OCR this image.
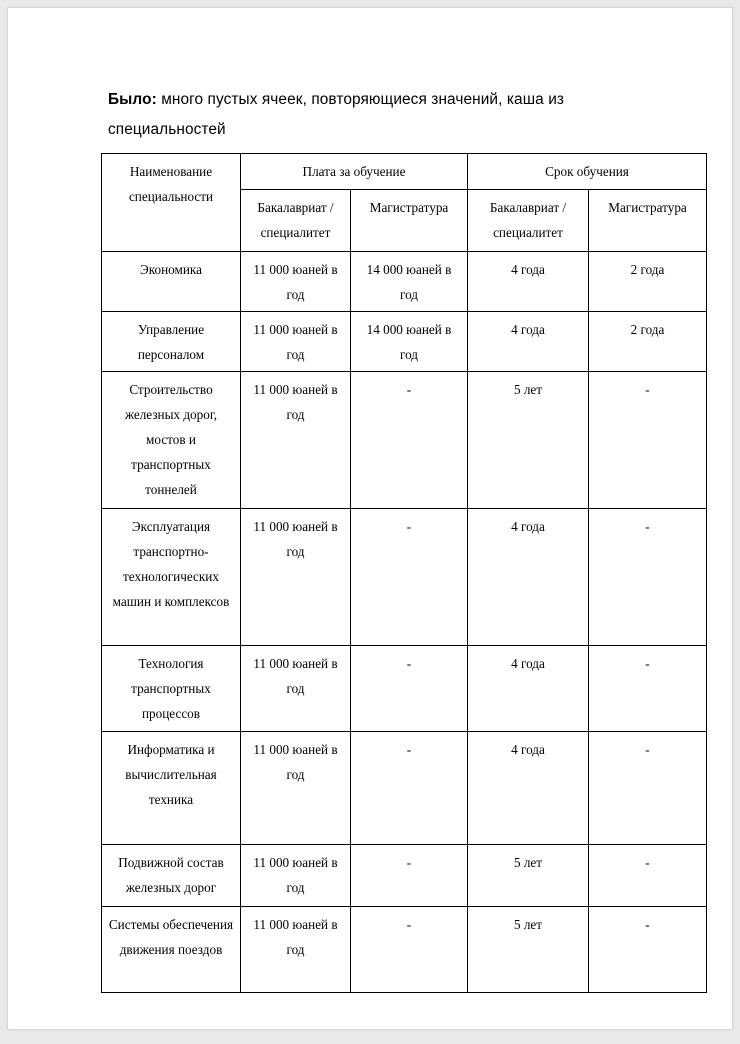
Было: много пустых ячеек, повторяющиеся значений, каша из специальностей

Наименование специальности	Плата за обучение		Срок обучения	
	Бакалавриат / специалитет	Магистратура	Бакалавриат / специалитет	Магистратура
Экономика	11 000 юаней в год	14 000 юаней в год	4 года	2 года
Управление персоналом	11 000 юаней в год	14 000 юаней в год	4 года	2 года
Строительство железных дорог, мостов и транспортных тоннелей	11 000 юаней в год	-	5 лет	-
Эксплуатация транспортно-технологических машин и комплексов	11 000 юаней в год	-	4 года	-
Технология транспортных процессов	11 000 юаней в год	-	4 года	-
Информатика и вычислительная техника	11 000 юаней в год	-	4 года	-
Подвижной состав железных дорог	11 000 юаней в год	-	5 лет	-
Системы обеспечения движения поездов	11 000 юаней в год	-	5 лет	-
